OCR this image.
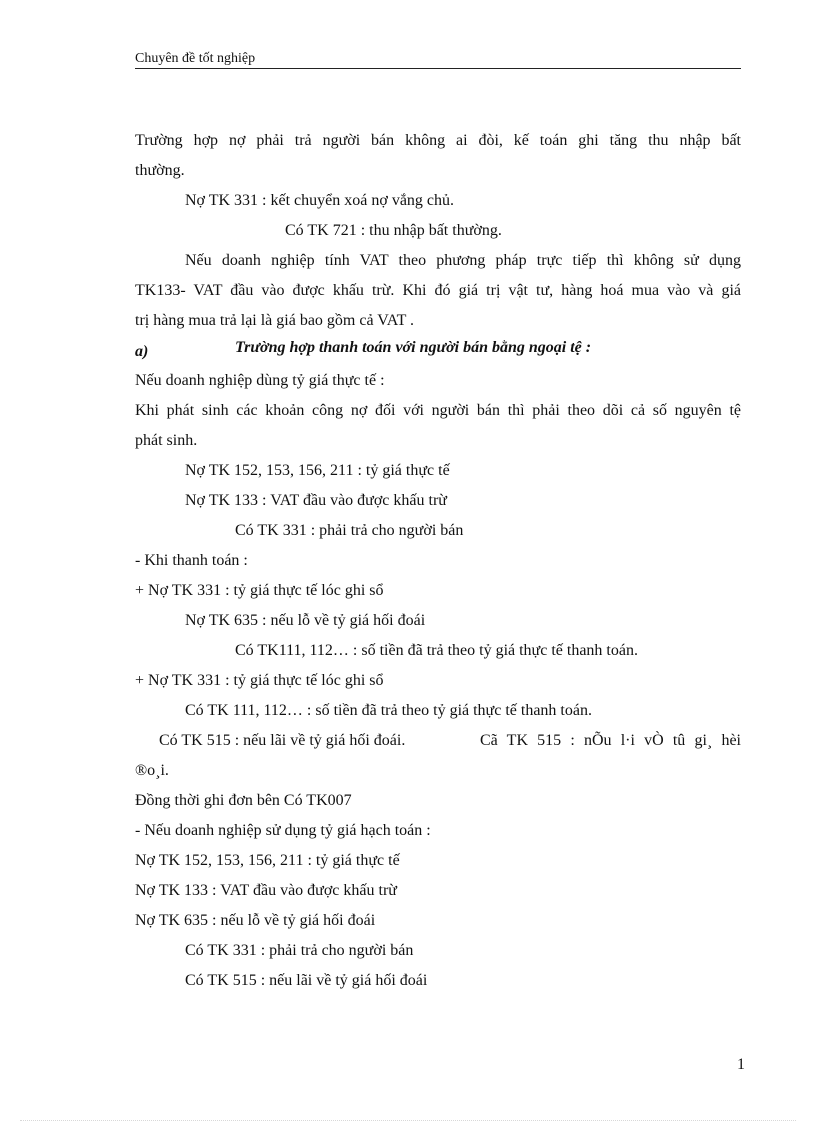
Chuyên đề tốt nghiệp
Trường hợp nợ phải trả người bán không ai đòi, kế toán ghi tăng thu nhập bất
thường.
Nợ TK 331 : kết chuyển xoá nợ vắng chủ.
Có TK 721 : thu nhập bất thường.
Nếu doanh nghiệp tính VAT theo phương pháp trực tiếp thì không sử dụng
TK133- VAT đầu vào được khấu trừ. Khi đó giá trị vật tư, hàng hoá mua vào và giá
trị hàng mua trả lại là giá bao gồm cả VAT .
a)	Trường hợp thanh toán với người bán bằng ngoại tệ :
Nếu doanh nghiệp dùng tỷ giá thực tế :
Khi phát sinh các khoản công nợ đối với người bán thì phải theo dõi cả số nguyên tệ
phát sinh.
Nợ TK 152, 153, 156, 211 : tỷ giá thực tế
Nợ TK 133 : VAT đầu vào được khấu trừ
Có TK 331 : phải trả cho người bán
- Khi thanh toán :
+ Nợ TK 331 : tỷ giá thực tế lóc ghi sổ
Nợ TK 635 : nếu lỗ về tỷ giá hối đoái
Có TK111, 112… : số tiền đã trả theo tỷ giá thực tế thanh toán.
+ Nợ TK 331 : tỷ giá thực tế lóc ghi sổ
Có TK 111, 112… : số tiền đã trả theo tỷ giá thực tế thanh toán.
Có TK 515 : nếu lãi về tỷ giá hối đoái.	Cã TK 515 : nÕu l·i vÒ tû gi¸ hèi
®o¸i.
Đồng thời ghi đơn bên Có TK007
- Nếu doanh nghiệp sử dụng tỷ giá hạch toán :
Nợ TK 152, 153, 156, 211 : tỷ giá thực tế
Nợ TK 133 : VAT đầu vào được khấu trừ
Nợ TK 635 : nếu lỗ về tỷ giá hối đoái
Có TK 331 : phải trả cho người bán
Có TK 515 : nếu lãi về tỷ giá hối đoái
1
